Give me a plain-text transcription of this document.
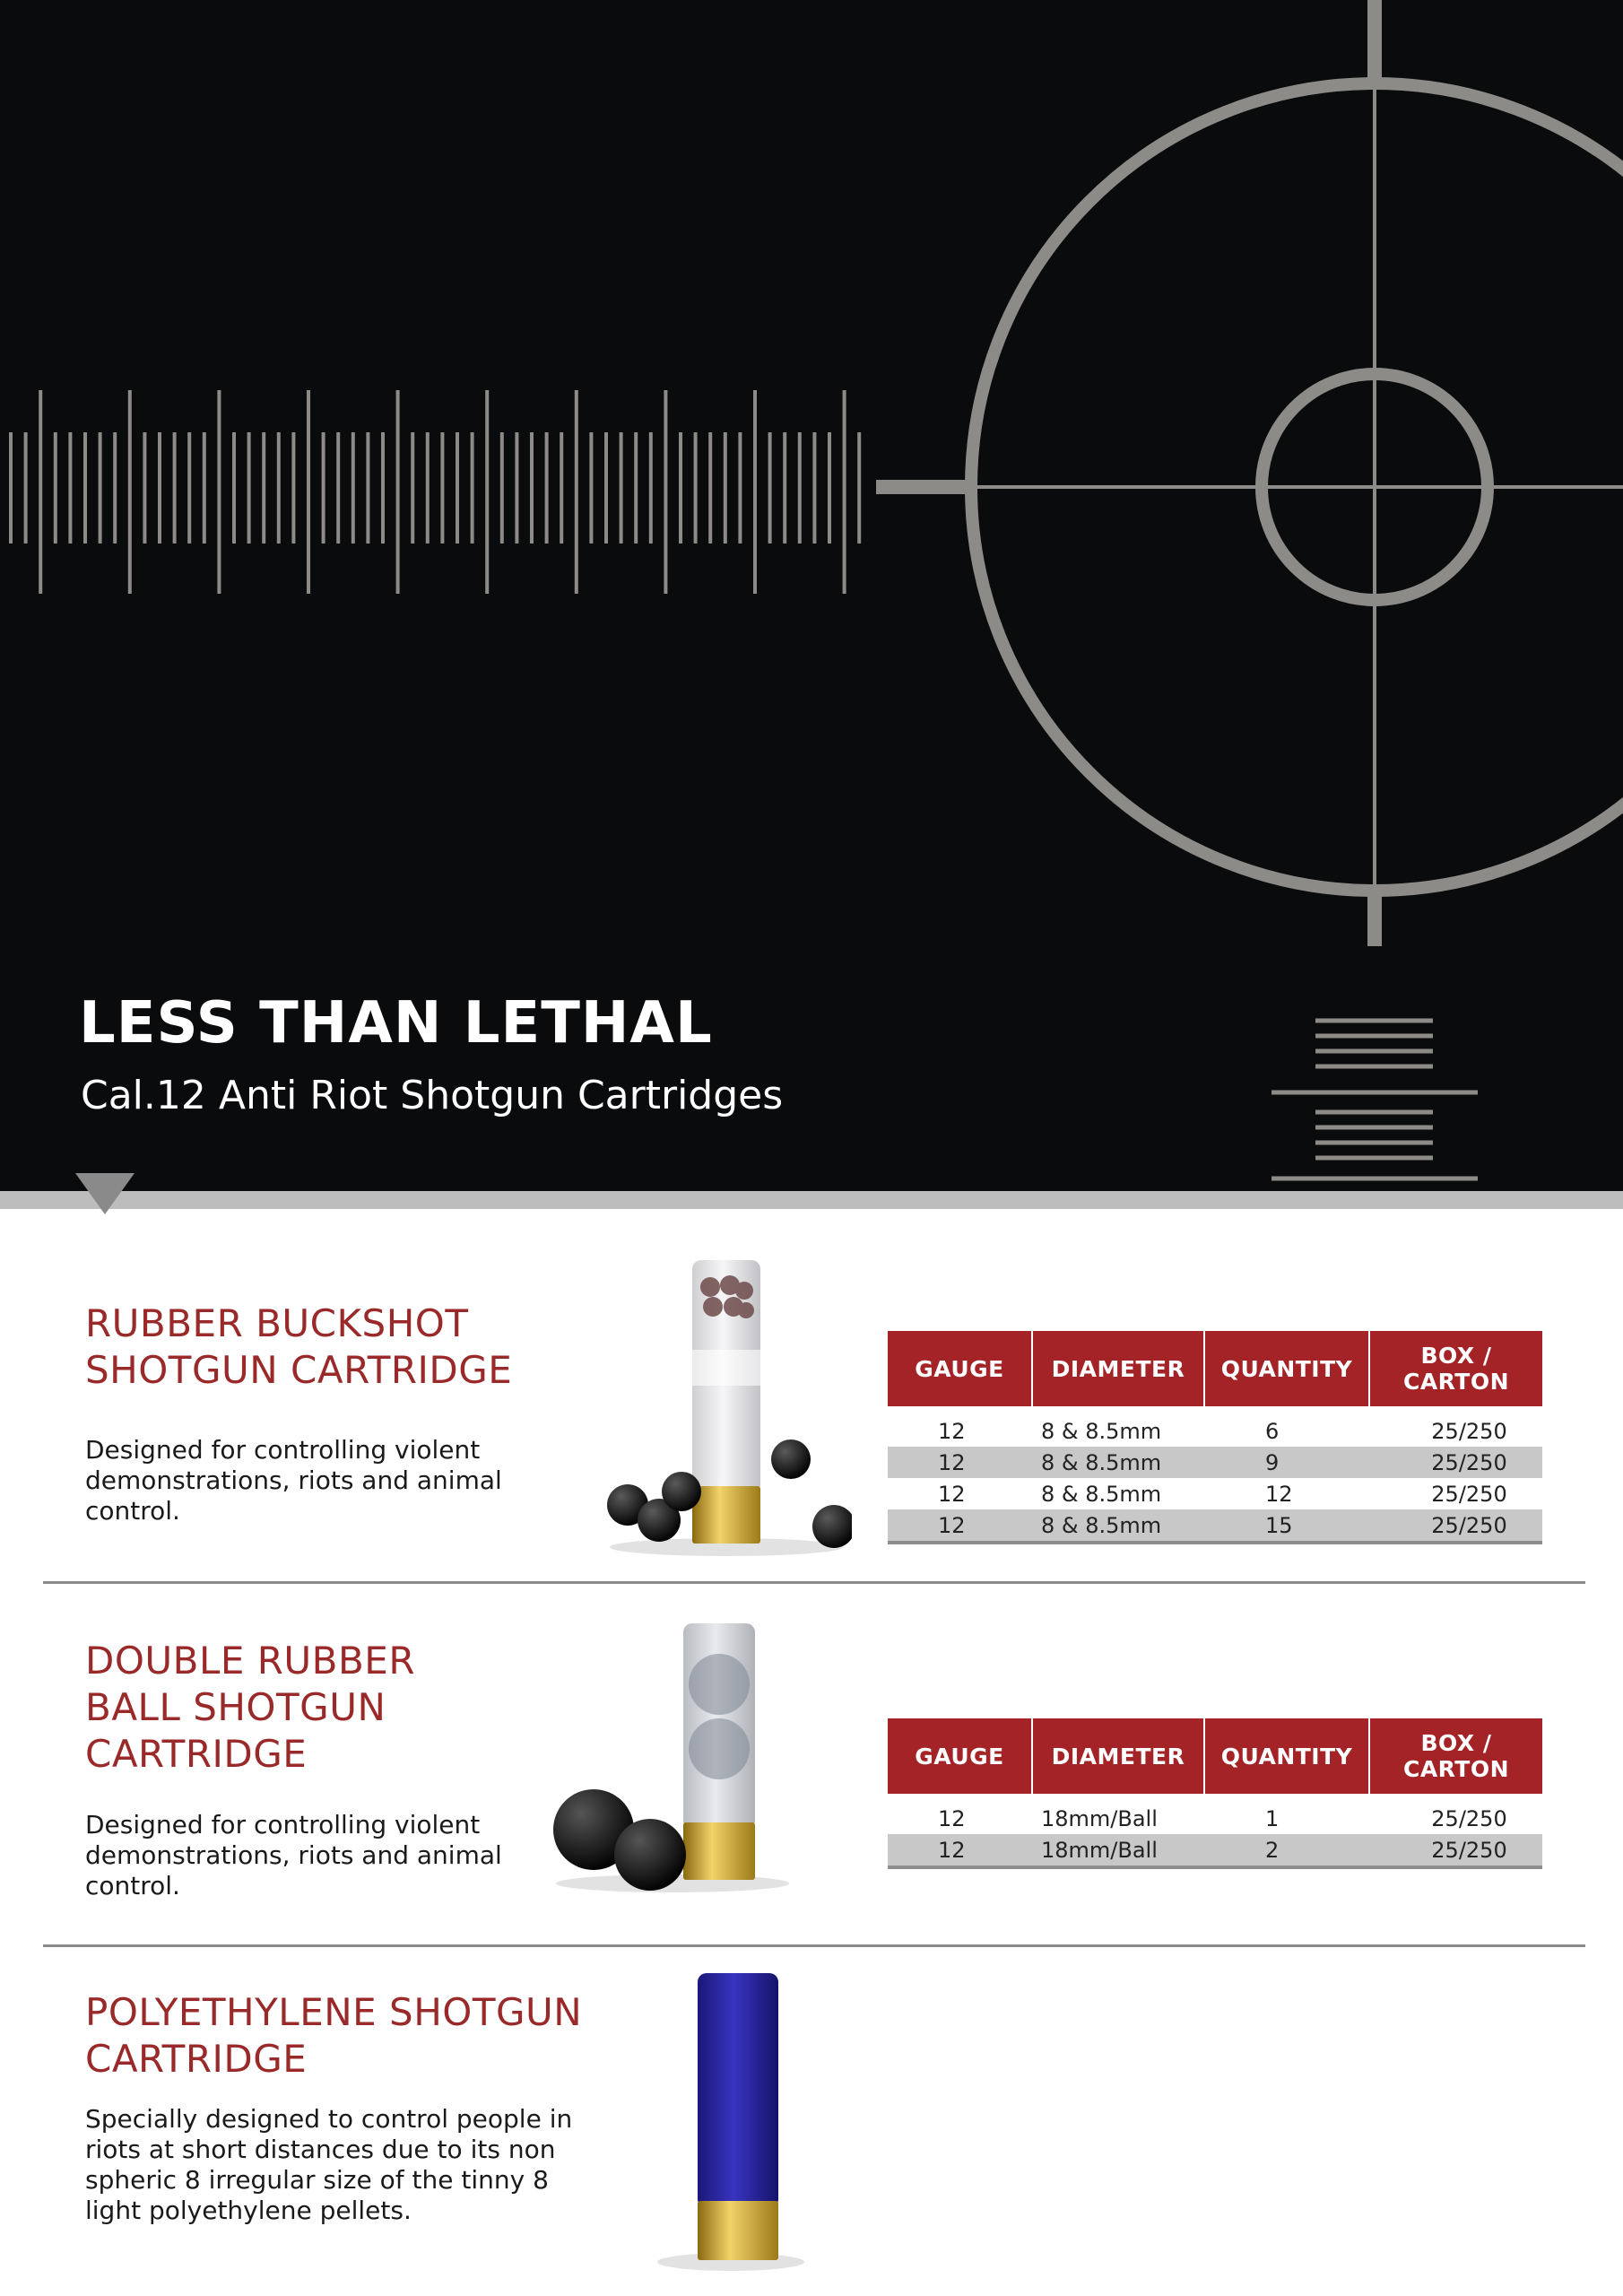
LESS THAN LETHAL

Cal.12 Anti Riot Shotgun Cartridges

RUBBER BUCKSHOT
SHOTGUN CARTRIDGE

Designed for controlling violent
demonstrations, riots and animal
control.

GAUGE	DIAMETER	QUANTITY	BOX / CARTON

12	8 & 8.5mm	6	25/250
12	8 & 8.5mm	9	25/250
12	8 & 8.5mm	12	25/250
12	8 & 8.5mm	15	25/250
DOUBLE RUBBER
BALL SHOTGUN
CARTRIDGE

Designed for controlling violent
demonstrations, riots and animal
control.

GAUGE	DIAMETER	QUANTITY	BOX / CARTON

12	18mm/Ball	1	25/250
12	18mm/Ball	2	25/250
POLYETHYLENE SHOTGUN
CARTRIDGE

Specially designed to control people in
riots at short distances due to its non
spheric 8 irregular size of the tinny 8
light polyethylene pellets.
